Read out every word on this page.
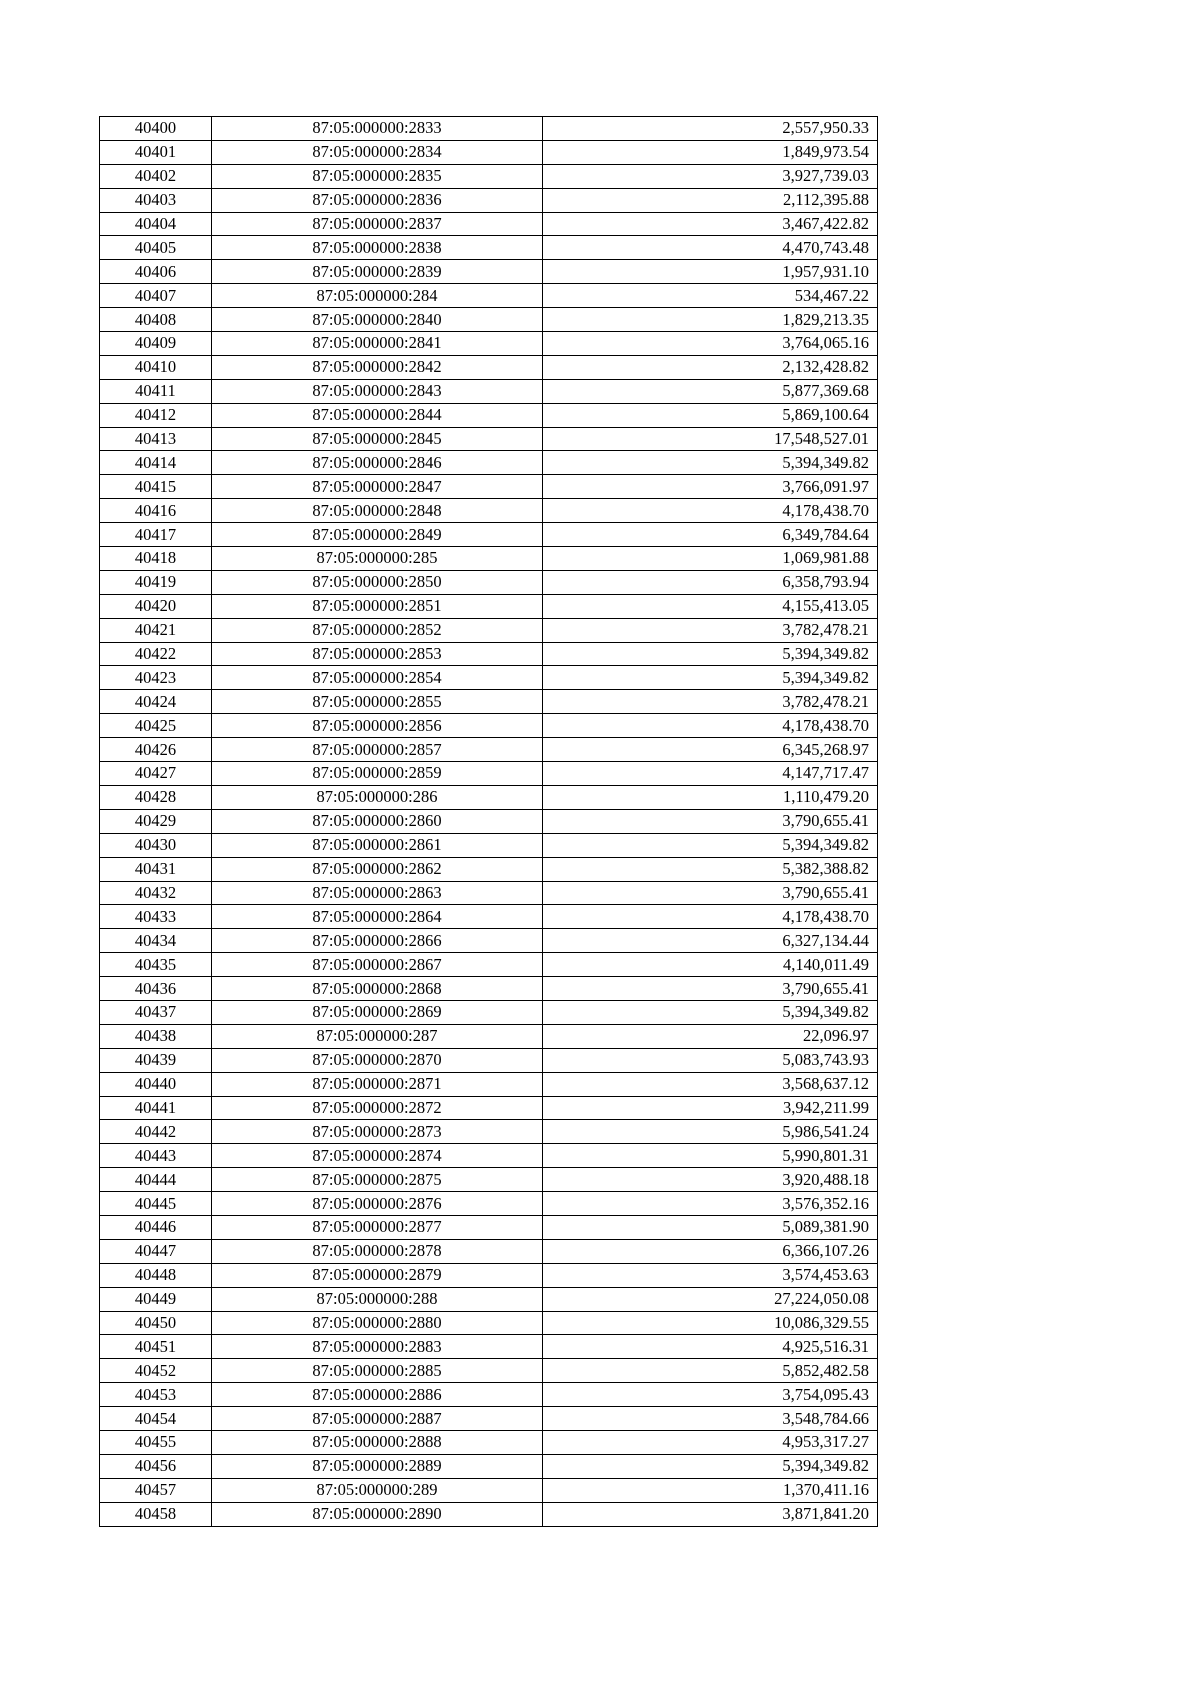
40400	87:05:000000:2833	2,557,950.33
40401	87:05:000000:2834	1,849,973.54
40402	87:05:000000:2835	3,927,739.03
40403	87:05:000000:2836	2,112,395.88
40404	87:05:000000:2837	3,467,422.82
40405	87:05:000000:2838	4,470,743.48
40406	87:05:000000:2839	1,957,931.10
40407	87:05:000000:284	534,467.22
40408	87:05:000000:2840	1,829,213.35
40409	87:05:000000:2841	3,764,065.16
40410	87:05:000000:2842	2,132,428.82
40411	87:05:000000:2843	5,877,369.68
40412	87:05:000000:2844	5,869,100.64
40413	87:05:000000:2845	17,548,527.01
40414	87:05:000000:2846	5,394,349.82
40415	87:05:000000:2847	3,766,091.97
40416	87:05:000000:2848	4,178,438.70
40417	87:05:000000:2849	6,349,784.64
40418	87:05:000000:285	1,069,981.88
40419	87:05:000000:2850	6,358,793.94
40420	87:05:000000:2851	4,155,413.05
40421	87:05:000000:2852	3,782,478.21
40422	87:05:000000:2853	5,394,349.82
40423	87:05:000000:2854	5,394,349.82
40424	87:05:000000:2855	3,782,478.21
40425	87:05:000000:2856	4,178,438.70
40426	87:05:000000:2857	6,345,268.97
40427	87:05:000000:2859	4,147,717.47
40428	87:05:000000:286	1,110,479.20
40429	87:05:000000:2860	3,790,655.41
40430	87:05:000000:2861	5,394,349.82
40431	87:05:000000:2862	5,382,388.82
40432	87:05:000000:2863	3,790,655.41
40433	87:05:000000:2864	4,178,438.70
40434	87:05:000000:2866	6,327,134.44
40435	87:05:000000:2867	4,140,011.49
40436	87:05:000000:2868	3,790,655.41
40437	87:05:000000:2869	5,394,349.82
40438	87:05:000000:287	22,096.97
40439	87:05:000000:2870	5,083,743.93
40440	87:05:000000:2871	3,568,637.12
40441	87:05:000000:2872	3,942,211.99
40442	87:05:000000:2873	5,986,541.24
40443	87:05:000000:2874	5,990,801.31
40444	87:05:000000:2875	3,920,488.18
40445	87:05:000000:2876	3,576,352.16
40446	87:05:000000:2877	5,089,381.90
40447	87:05:000000:2878	6,366,107.26
40448	87:05:000000:2879	3,574,453.63
40449	87:05:000000:288	27,224,050.08
40450	87:05:000000:2880	10,086,329.55
40451	87:05:000000:2883	4,925,516.31
40452	87:05:000000:2885	5,852,482.58
40453	87:05:000000:2886	3,754,095.43
40454	87:05:000000:2887	3,548,784.66
40455	87:05:000000:2888	4,953,317.27
40456	87:05:000000:2889	5,394,349.82
40457	87:05:000000:289	1,370,411.16
40458	87:05:000000:2890	3,871,841.20
